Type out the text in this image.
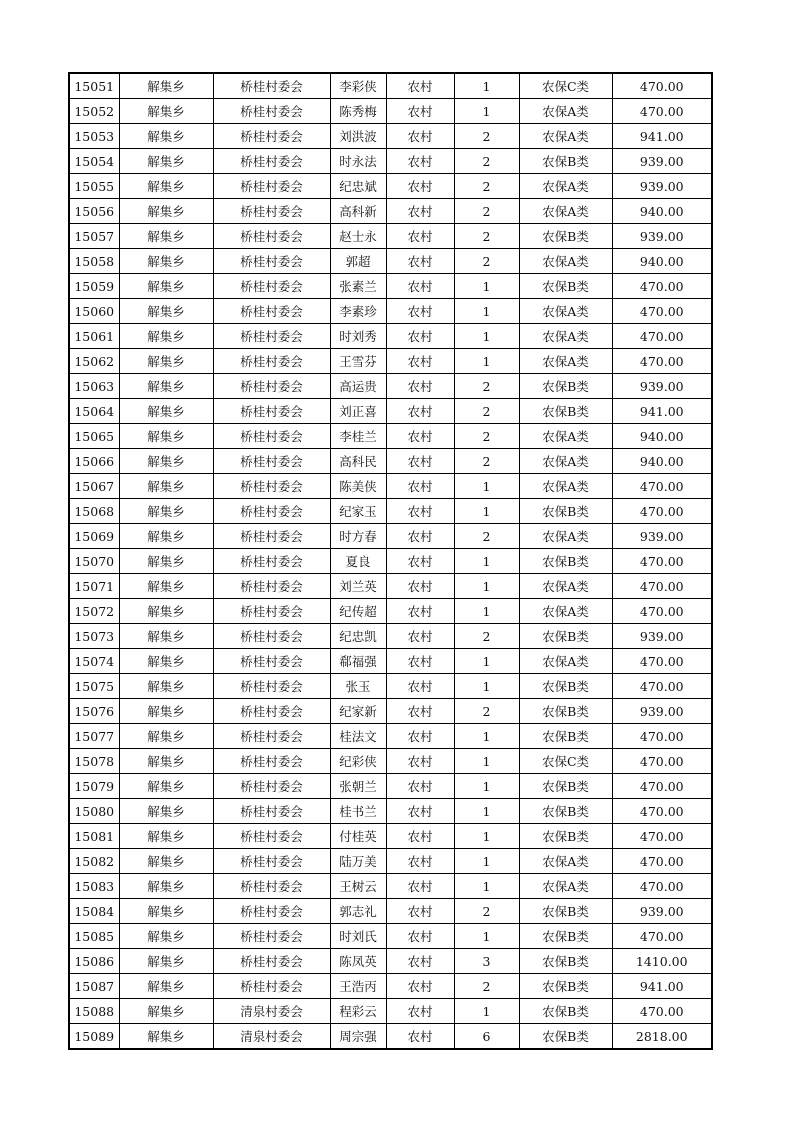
15051	解集乡	桥桂村委会	李彩侠	农村	1	农保C类	470.00
15052	解集乡	桥桂村委会	陈秀梅	农村	1	农保A类	470.00
15053	解集乡	桥桂村委会	刘洪波	农村	2	农保A类	941.00
15054	解集乡	桥桂村委会	时永法	农村	2	农保B类	939.00
15055	解集乡	桥桂村委会	纪忠斌	农村	2	农保A类	939.00
15056	解集乡	桥桂村委会	高科新	农村	2	农保A类	940.00
15057	解集乡	桥桂村委会	赵士永	农村	2	农保B类	939.00
15058	解集乡	桥桂村委会	郭超	农村	2	农保A类	940.00
15059	解集乡	桥桂村委会	张素兰	农村	1	农保B类	470.00
15060	解集乡	桥桂村委会	李素珍	农村	1	农保A类	470.00
15061	解集乡	桥桂村委会	时刘秀	农村	1	农保A类	470.00
15062	解集乡	桥桂村委会	王雪芬	农村	1	农保A类	470.00
15063	解集乡	桥桂村委会	高运贵	农村	2	农保B类	939.00
15064	解集乡	桥桂村委会	刘正喜	农村	2	农保B类	941.00
15065	解集乡	桥桂村委会	李桂兰	农村	2	农保A类	940.00
15066	解集乡	桥桂村委会	高科民	农村	2	农保A类	940.00
15067	解集乡	桥桂村委会	陈美侠	农村	1	农保A类	470.00
15068	解集乡	桥桂村委会	纪家玉	农村	1	农保B类	470.00
15069	解集乡	桥桂村委会	时方春	农村	2	农保A类	939.00
15070	解集乡	桥桂村委会	夏良	农村	1	农保B类	470.00
15071	解集乡	桥桂村委会	刘兰英	农村	1	农保A类	470.00
15072	解集乡	桥桂村委会	纪传超	农村	1	农保A类	470.00
15073	解集乡	桥桂村委会	纪忠凯	农村	2	农保B类	939.00
15074	解集乡	桥桂村委会	郗福强	农村	1	农保A类	470.00
15075	解集乡	桥桂村委会	张玉	农村	1	农保B类	470.00
15076	解集乡	桥桂村委会	纪家新	农村	2	农保B类	939.00
15077	解集乡	桥桂村委会	桂法文	农村	1	农保B类	470.00
15078	解集乡	桥桂村委会	纪彩侠	农村	1	农保C类	470.00
15079	解集乡	桥桂村委会	张朝兰	农村	1	农保B类	470.00
15080	解集乡	桥桂村委会	桂书兰	农村	1	农保B类	470.00
15081	解集乡	桥桂村委会	付桂英	农村	1	农保B类	470.00
15082	解集乡	桥桂村委会	陆万美	农村	1	农保A类	470.00
15083	解集乡	桥桂村委会	王树云	农村	1	农保A类	470.00
15084	解集乡	桥桂村委会	郭志礼	农村	2	农保B类	939.00
15085	解集乡	桥桂村委会	时刘氏	农村	1	农保B类	470.00
15086	解集乡	桥桂村委会	陈凤英	农村	3	农保B类	1410.00
15087	解集乡	桥桂村委会	王浩丙	农村	2	农保B类	941.00
15088	解集乡	清泉村委会	程彩云	农村	1	农保B类	470.00
15089	解集乡	清泉村委会	周宗强	农村	6	农保B类	2818.00
